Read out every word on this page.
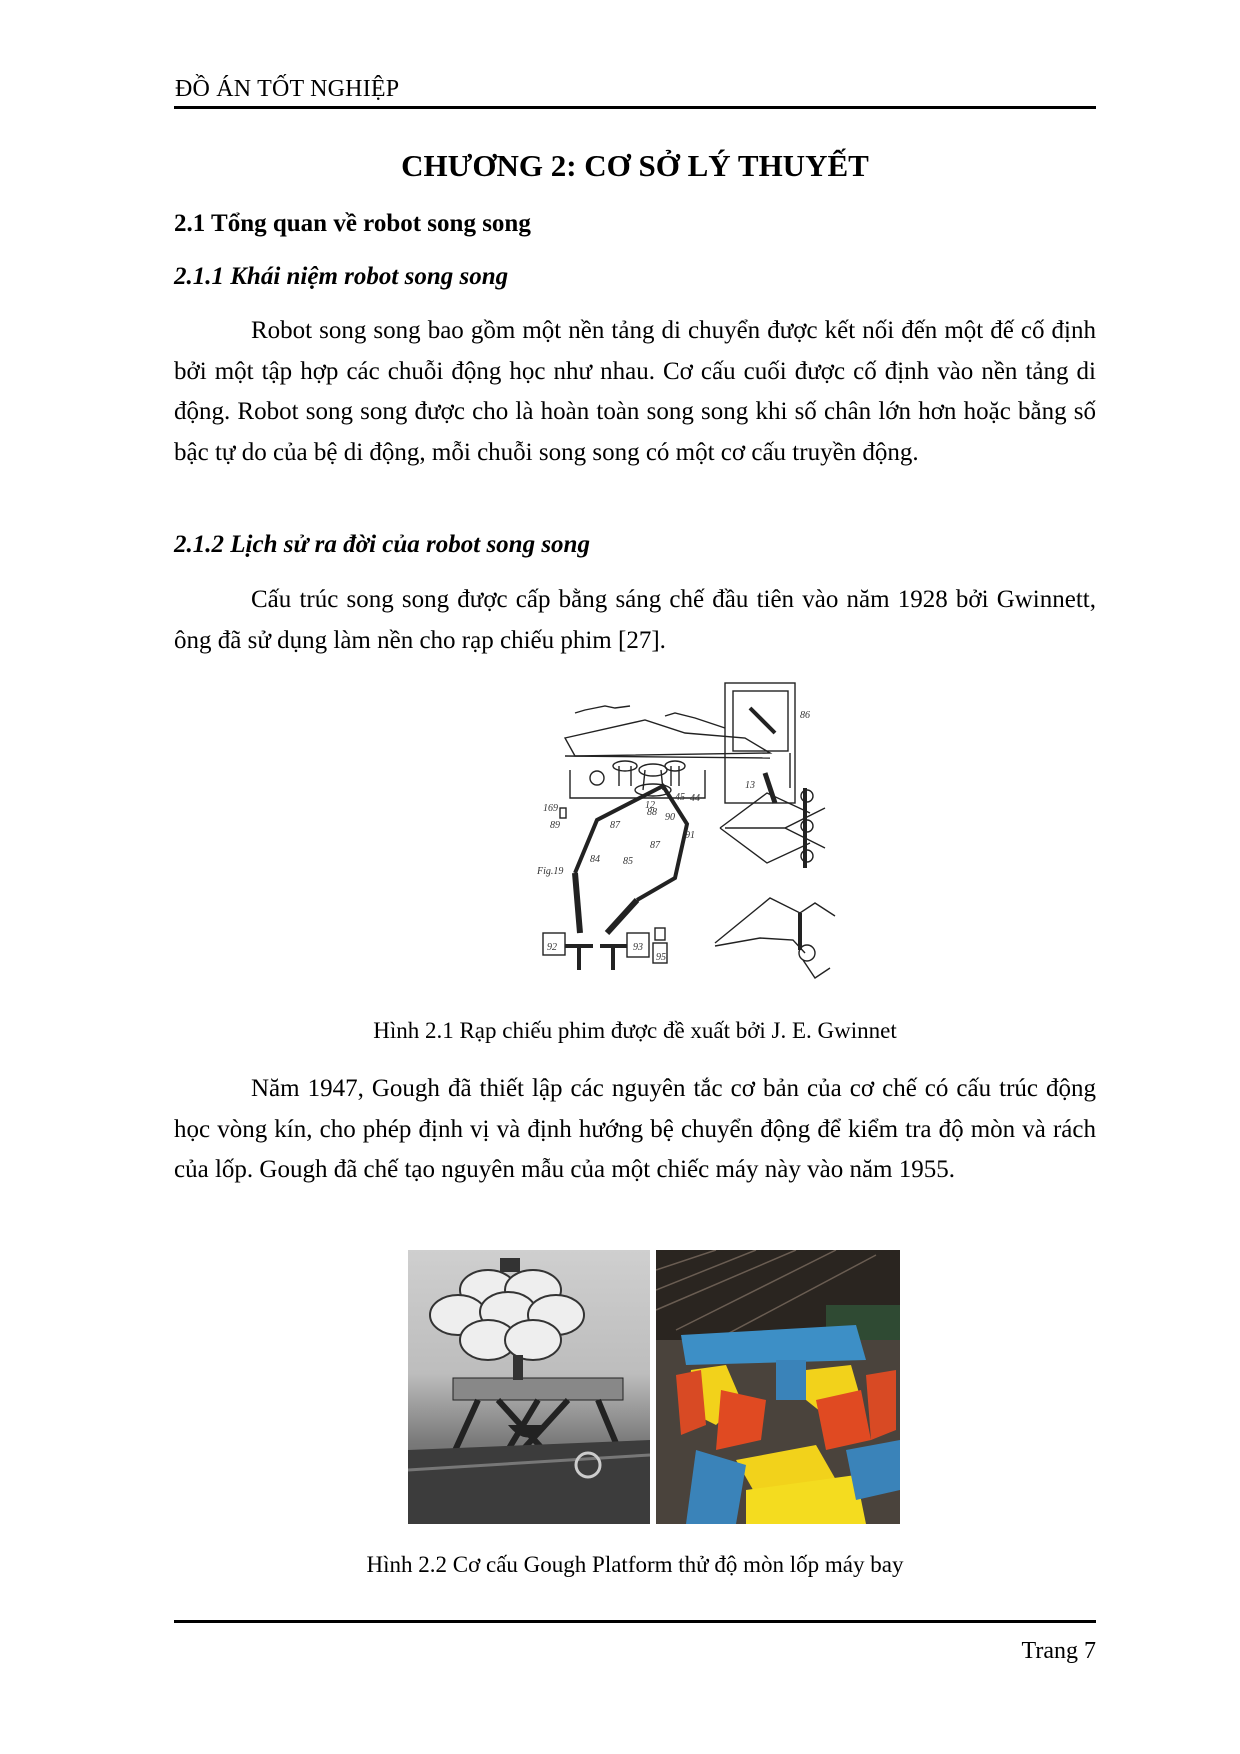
ĐỒ ÁN TỐT NGHIỆP
CHƯƠNG 2: CƠ SỞ LÝ THUYẾT
2.1 Tổng quan về robot song song
2.1.1 Khái niệm robot song song

Robot song song bao gồm một nền tảng di chuyển được kết nối đến một đế cố định bởi một tập hợp các chuỗi động học như nhau. Cơ cấu cuối được cố định vào nền tảng di động. Robot song song được cho là hoàn toàn song song khi số chân lớn hơn hoặc bằng số bậc tự do của bệ di động, mỗi chuỗi song song có một cơ cấu truyền động.

2.1.2 Lịch sử ra đời của robot song song

Cấu trúc song song được cấp bằng sáng chế đầu tiên vào năm 1928 bởi Gwinnett, ông đã sử dụng làm nền cho rạp chiếu phim [27].

169	88 90
89	87
87
91
84 85
Fig.19
92	93
95
86
13
44
45
12
Hình 2.1 Rạp chiếu phim được đề xuất bởi J. E. Gwinnet

Năm 1947, Gough đã thiết lập các nguyên tắc cơ bản của cơ chế có cấu trúc động học vòng kín, cho phép định vị và định hướng bệ chuyển động để kiểm tra độ mòn và rách của lốp. Gough đã chế tạo nguyên mẫu của một chiếc máy này vào năm 1955.

Hình 2.2 Cơ cấu Gough Platform thử độ mòn lốp máy bay
Trang 7
